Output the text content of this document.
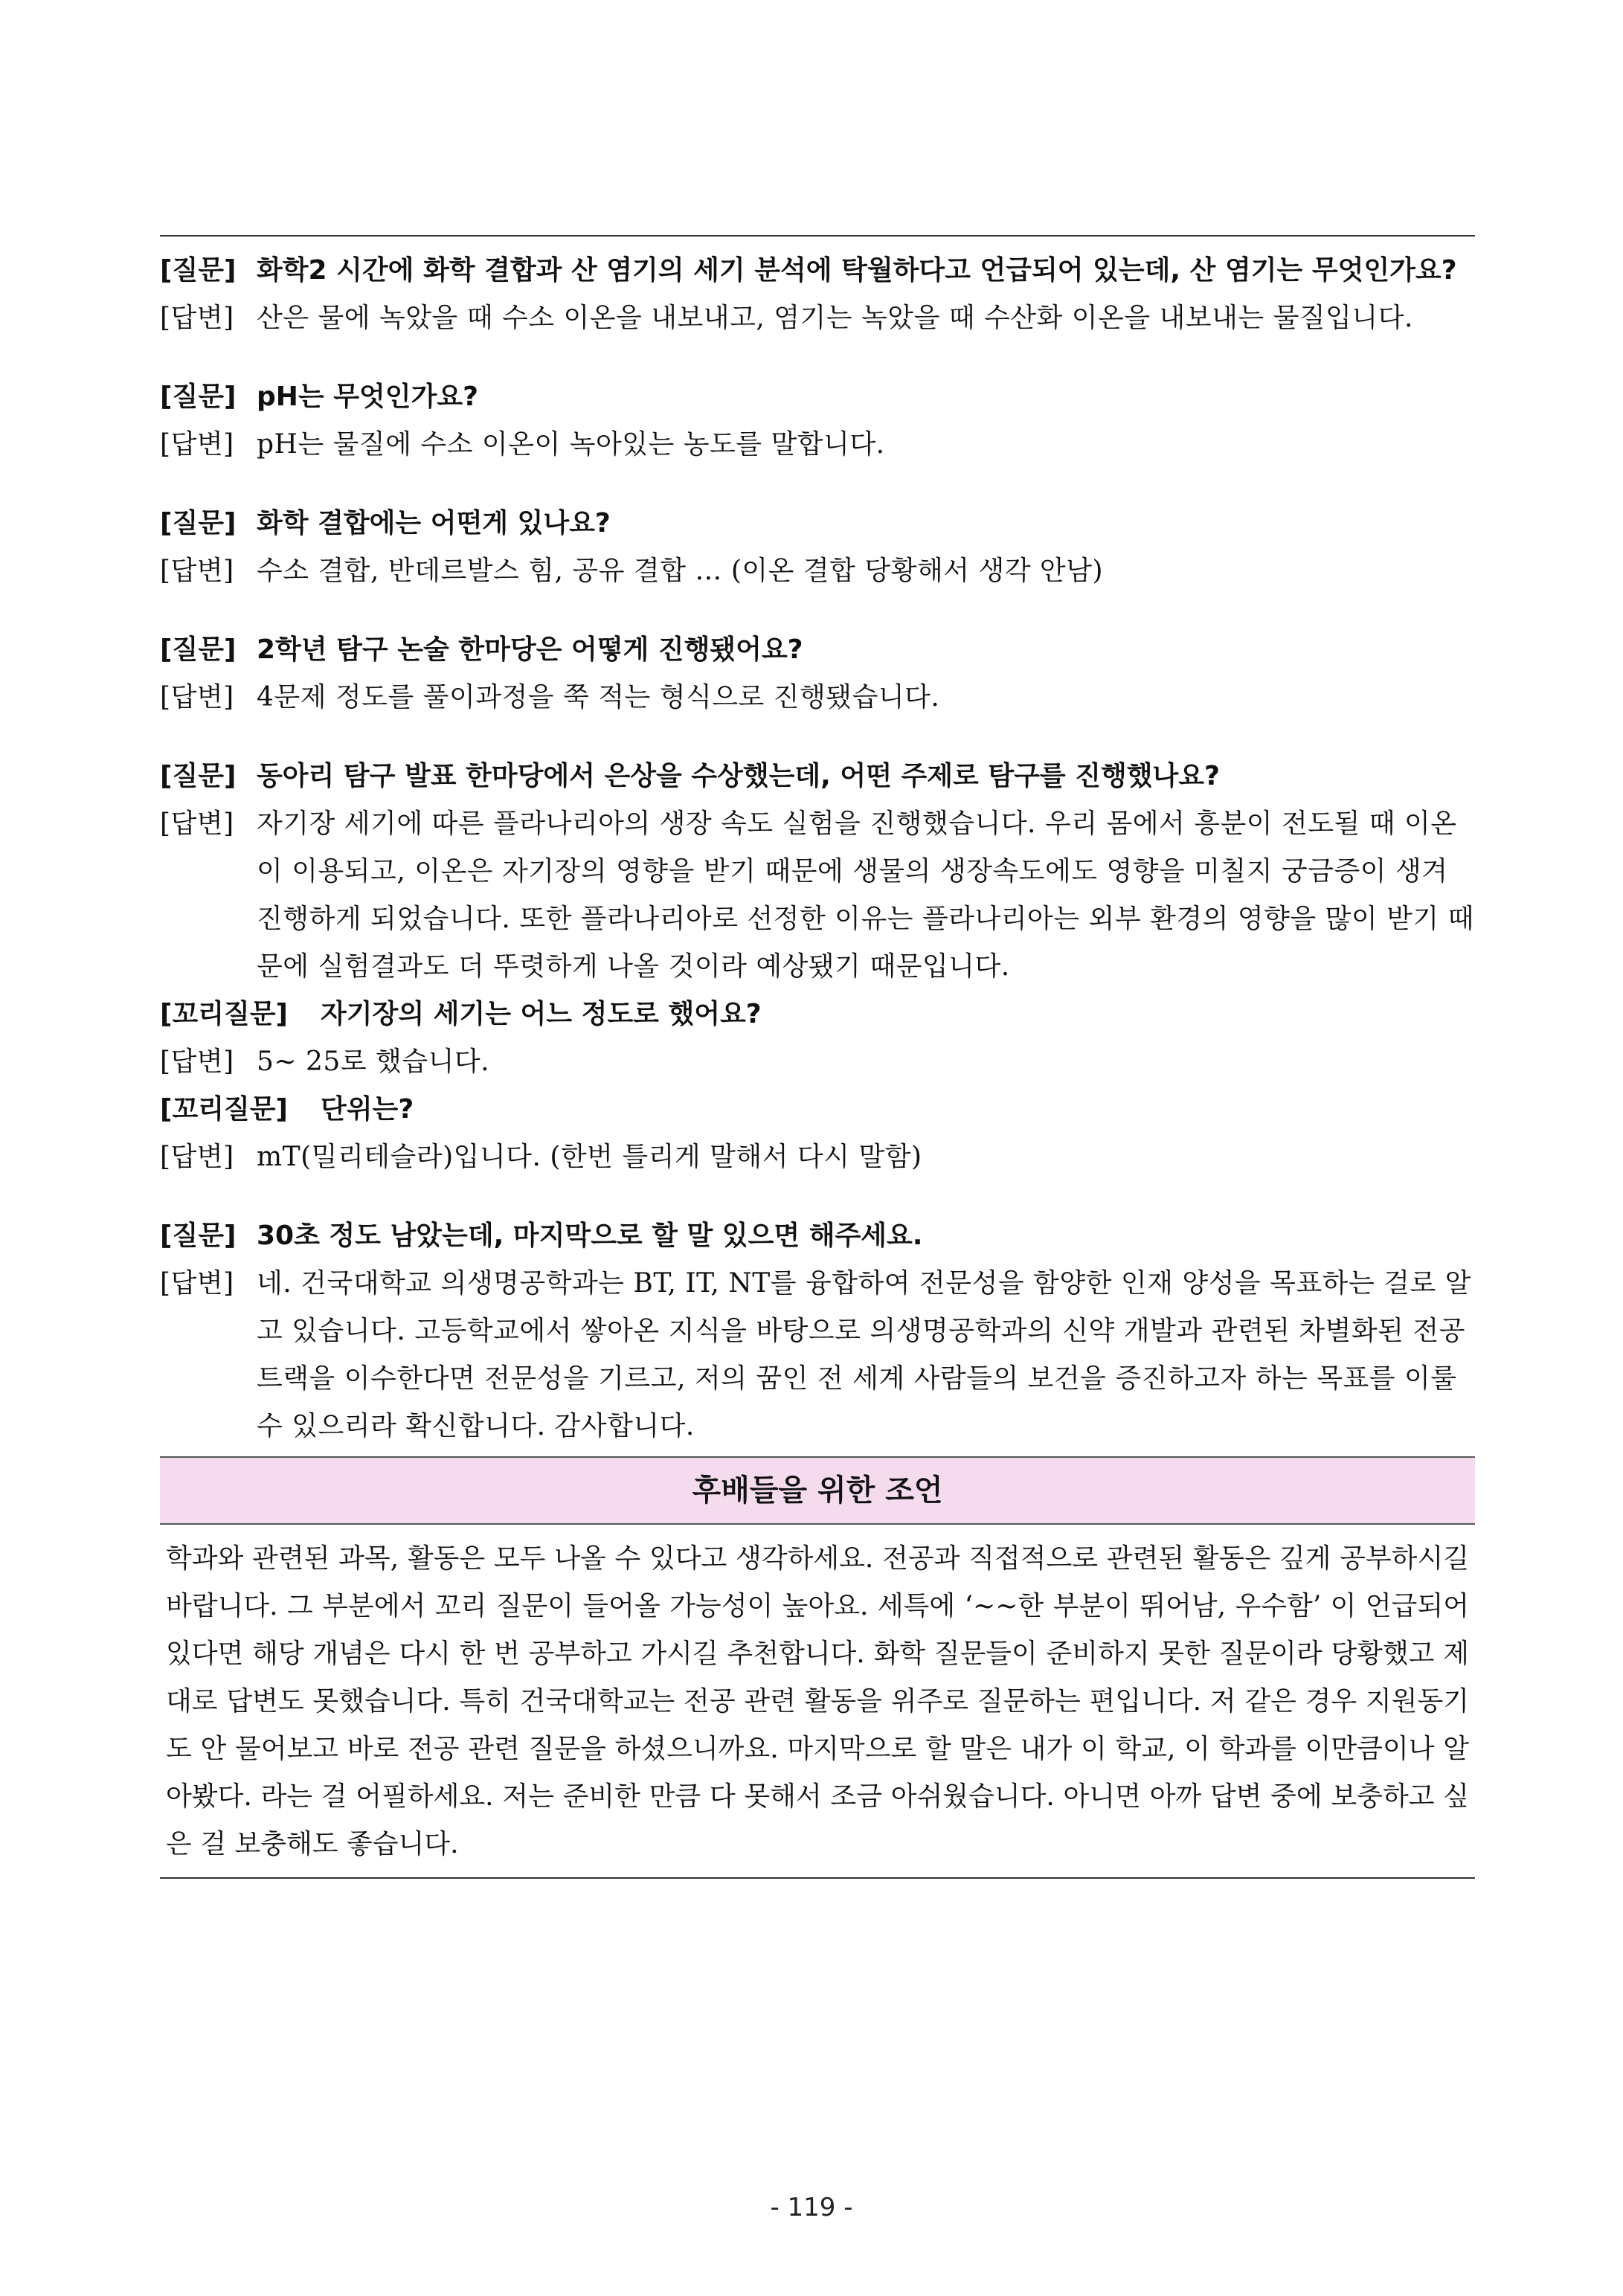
[질문] 화학2 시간에 화학 결합과 산 염기의 세기 분석에 탁월하다고 언급되어 있는데, 산 염기는 무엇인가요?
[답변] 산은 물에 녹았을 때 수소 이온을 내보내고, 염기는 녹았을 때 수산화 이온을 내보내는 물질입니다.
[질문] pH는 무엇인가요?
[답변] pH는 물질에 수소 이온이 녹아있는 농도를 말합니다.
[질문] 화학 결합에는 어떤게 있나요?
[답변] 수소 결합, 반데르발스 힘, 공유 결합 … (이온 결합 당황해서 생각 안남)
[질문] 2학년 탐구 논술 한마당은 어떻게 진행됐어요?
[답변] 4문제 정도를 풀이과정을 쭉 적는 형식으로 진행됐습니다.
[질문] 동아리 탐구 발표 한마당에서 은상을 수상했는데, 어떤 주제로 탐구를 진행했나요?
[답변] 자기장 세기에 따른 플라나리아의 생장 속도 실험을 진행했습니다. 우리 몸에서 흥분이 전도될 때 이온이 이용되고, 이온은 자기장의 영향을 받기 때문에 생물의 생장속도에도 영향을 미칠지 궁금증이 생겨 진행하게 되었습니다. 또한 플라나리아로 선정한 이유는 플라나리아는 외부 환경의 영향을 많이 받기 때문에 실험결과도 더 뚜렷하게 나올 것이라 예상됐기 때문입니다.
[꼬리질문] 자기장의 세기는 어느 정도로 했어요?
[답변] 5~ 25로 했습니다.
[꼬리질문] 단위는?
[답변] mT(밀리테슬라)입니다. (한번 틀리게 말해서 다시 말함)
[질문] 30초 정도 남았는데, 마지막으로 할 말 있으면 해주세요.
[답변] 네. 건국대학교 의생명공학과는 BT, IT, NT를 융합하여 전문성을 함양한 인재 양성을 목표하는 걸로 알고 있습니다. 고등학교에서 쌓아온 지식을 바탕으로 의생명공학과의 신약 개발과 관련된 차별화된 전공트랙을 이수한다면 전문성을 기르고, 저의 꿈인 전 세계 사람들의 보건을 증진하고자 하는 목표를 이룰 수 있으리라 확신합니다. 감사합니다.
후배들을 위한 조언
학과와 관련된 과목, 활동은 모두 나올 수 있다고 생각하세요. 전공과 직접적으로 관련된 활동은 깊게 공부하시길 바랍니다. 그 부분에서 꼬리 질문이 들어올 가능성이 높아요. 세특에 ‘~~한 부분이 뛰어남, 우수함’ 이 언급되어 있다면 해당 개념은 다시 한 번 공부하고 가시길 추천합니다. 화학 질문들이 준비하지 못한 질문이라 당황했고 제대로 답변도 못했습니다. 특히 건국대학교는 전공 관련 활동을 위주로 질문하는 편입니다. 저 같은 경우 지원동기도 안 물어보고 바로 전공 관련 질문을 하셨으니까요. 마지막으로 할 말은 내가 이 학교, 이 학과를 이만큼이나 알아봤다. 라는 걸 어필하세요. 저는 준비한 만큼 다 못해서 조금 아쉬웠습니다. 아니면 아까 답변 중에 보충하고 싶은 걸 보충해도 좋습니다.
- 119 -
